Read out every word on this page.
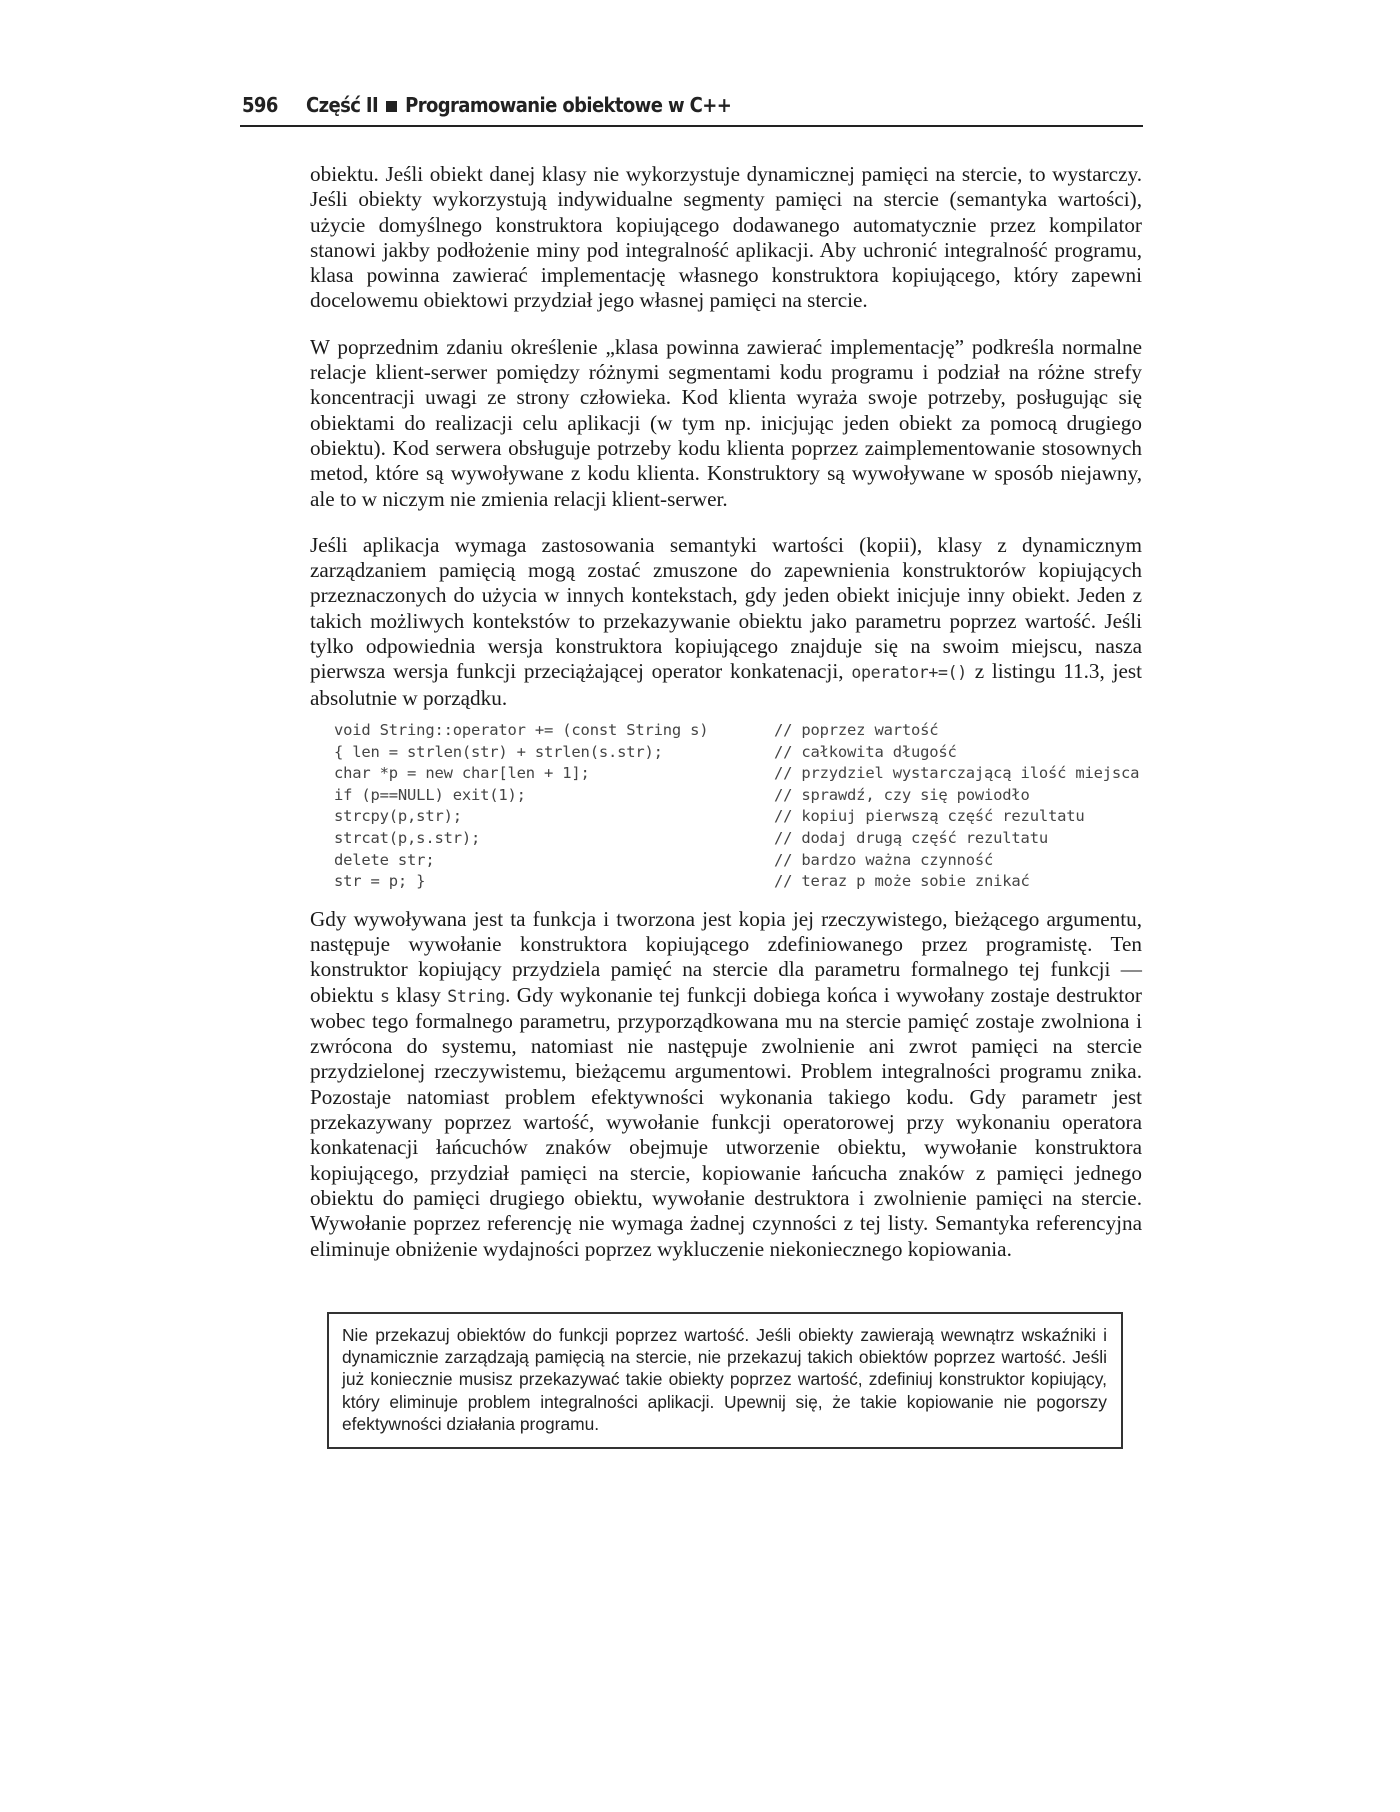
596 Część II Programowanie obiektowe w C++

obiektu. Jeśli obiekt danej klasy nie wykorzystuje dynamicznej pamięci na stercie, to wystarczy. Jeśli obiekty wykorzystują indywidualne segmenty pamięci na stercie (semantyka wartości), użycie domyślnego konstruktora kopiującego dodawanego automatycznie przez kompilator stanowi jakby podłożenie miny pod integralność aplikacji. Aby uchronić integralność programu, klasa powinna zawierać implementację własnego konstruktora kopiującego, który zapewni docelowemu obiektowi przydział jego własnej pamięci na stercie.

W poprzednim zdaniu określenie „klasa powinna zawierać implementację” podkreśla normalne relacje klient-serwer pomiędzy różnymi segmentami kodu programu i podział na różne strefy koncentracji uwagi ze strony człowieka. Kod klienta wyraża swoje potrzeby, posługując się obiektami do realizacji celu aplikacji (w tym np. inicjując jeden obiekt za pomocą drugiego obiektu). Kod serwera obsługuje potrzeby kodu klienta poprzez zaimplementowanie stosownych metod, które są wywoływane z kodu klienta. Konstruktory są wywoływane w sposób niejawny, ale to w niczym nie zmienia relacji klient-serwer.

Jeśli aplikacja wymaga zastosowania semantyki wartości (kopii), klasy z dynamicznym zarządzaniem pamięcią mogą zostać zmuszone do zapewnienia konstruktorów kopiujących przeznaczonych do użycia w innych kontekstach, gdy jeden obiekt inicjuje inny obiekt. Jeden z takich możliwych kontekstów to przekazywanie obiektu jako parametru poprzez wartość. Jeśli tylko odpowiednia wersja konstruktora kopiującego znajduje się na swoim miejscu, nasza pierwsza wersja funkcji przeciążającej operator konkatenacji, operator+=() z listingu 11.3, jest absolutnie w porządku.

void String::operator += (const String s)	// poprzez wartość
{ len = strlen(str) + strlen(s.str);	// całkowita długość
char *p = new char[len + 1];	// przydziel wystarczającą ilość miejsca
if (p==NULL) exit(1);	// sprawdź, czy się powiodło
strcpy(p,str);	// kopiuj pierwszą część rezultatu
strcat(p,s.str);	// dodaj drugą część rezultatu
delete str;	// bardzo ważna czynność
str = p; }	// teraz p może sobie znikać

Gdy wywoływana jest ta funkcja i tworzona jest kopia jej rzeczywistego, bieżącego argumentu, następuje wywołanie konstruktora kopiującego zdefiniowanego przez programistę. Ten konstruktor kopiujący przydziela pamięć na stercie dla parametru formalnego tej funkcji — obiektu s klasy String. Gdy wykonanie tej funkcji dobiega końca i wywołany zostaje destruktor wobec tego formalnego parametru, przyporządkowana mu na stercie pamięć zostaje zwolniona i zwrócona do systemu, natomiast nie następuje zwolnienie ani zwrot pamięci na stercie przydzielonej rzeczywistemu, bieżącemu argumentowi. Problem integralności programu znika. Pozostaje natomiast problem efektywności wykonania takiego kodu. Gdy parametr jest przekazywany poprzez wartość, wywołanie funkcji operatorowej przy wykonaniu operatora konkatenacji łańcuchów znaków obejmuje utworzenie obiektu, wywołanie konstruktora kopiującego, przydział pamięci na stercie, kopiowanie łańcucha znaków z pamięci jednego obiektu do pamięci drugiego obiektu, wywołanie destruktora i zwolnienie pamięci na stercie. Wywołanie poprzez referencję nie wymaga żadnej czynności z tej listy. Semantyka referencyjna eliminuje obniżenie wydajności poprzez wykluczenie niekoniecznego kopiowania.

Nie przekazuj obiektów do funkcji poprzez wartość. Jeśli obiekty zawierają wewnątrz wskaźniki i dynamicznie zarządzają pamięcią na stercie, nie przekazuj takich obiektów poprzez wartość. Jeśli już koniecznie musisz przekazywać takie obiekty poprzez wartość, zdefiniuj konstruktor kopiujący, który eliminuje problem integralności aplikacji. Upewnij się, że takie kopiowanie nie pogorszy efektywności działania programu.
